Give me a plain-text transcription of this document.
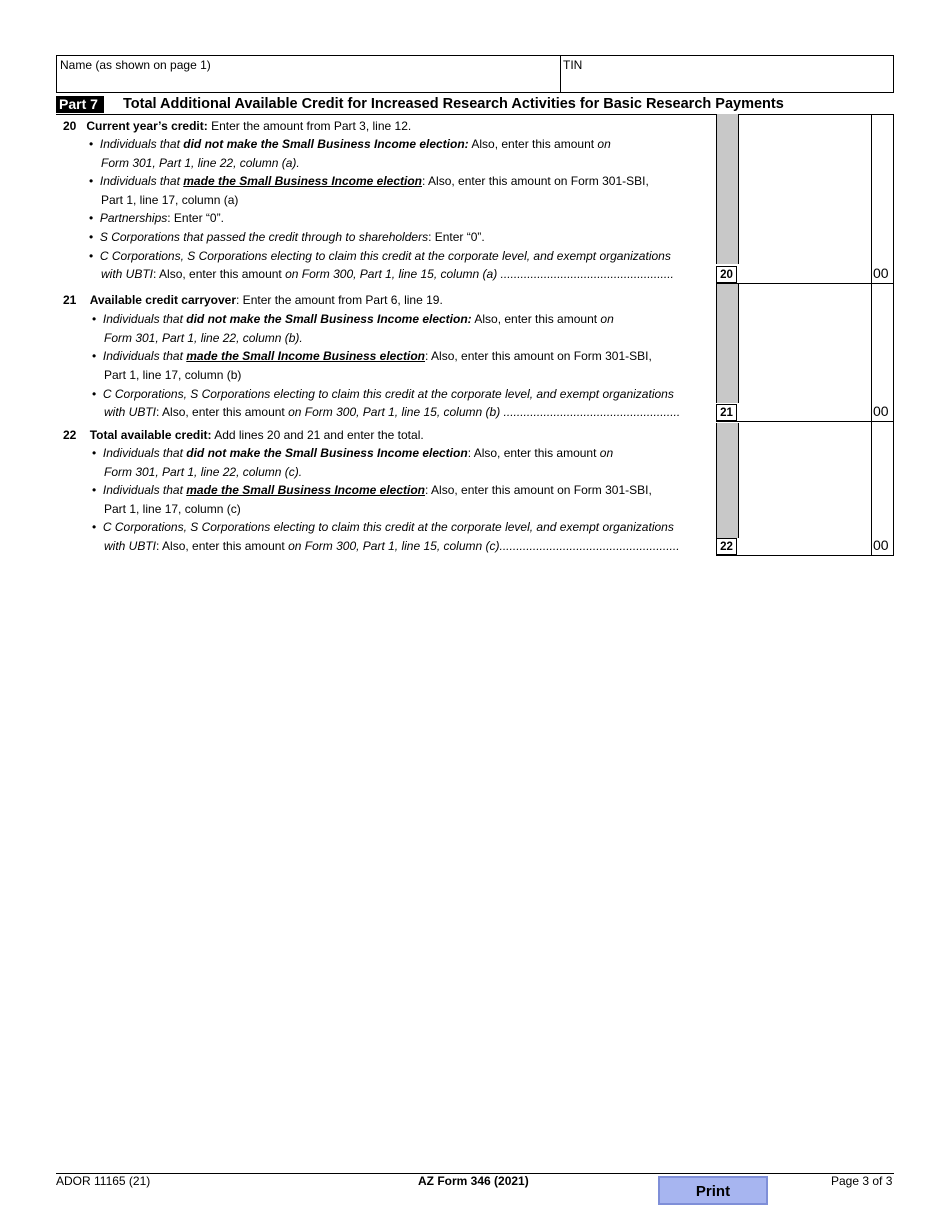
Name (as shown on page 1)	TIN
Part 7	Total Additional Available Credit for Increased Research Activities for Basic Research Payments
20 Current year’s credit: Enter the amount from Part 3, line 12.
•  Individuals that did not make the Small Business Income election: Also, enter this amount on
Form 301, Part 1, line 22, column (a).
•  Individuals that made the Small Business Income election: Also, enter this amount on Form 301-SBI,
Part 1, line 17, column (a)
•  Partnerships: Enter “0”.
•  S Corporations that passed the credit through to shareholders: Enter “0”.
•  C Corporations, S Corporations electing to claim this credit at the corporate level, and exempt organizations
with UBTI: Also, enter this amount on Form 300, Part 1, line 15, column (a) ....................................................	20	00
21 Available credit carryover: Enter the amount from Part 6, line 19.
•  Individuals that did not make the Small Business Income election: Also, enter this amount on
Form 301, Part 1, line 22, column (b).
•  Individuals that made the Small Income Business election: Also, enter this amount on Form 301-SBI,
Part 1, line 17, column (b)
•  C Corporations, S Corporations electing to claim this credit at the corporate level, and exempt organizations
with UBTI: Also, enter this amount on Form 300, Part 1, line 15, column (b) .....................................................	21	00
22 Total available credit: Add lines 20 and 21 and enter the total.
•  Individuals that did not make the Small Business Income election: Also, enter this amount on
Form 301, Part 1, line 22, column (c).
•  Individuals that made the Small Business Income election: Also, enter this amount on Form 301-SBI,
Part 1, line 17, column (c)
•  C Corporations, S Corporations electing to claim this credit at the corporate level, and exempt organizations
with UBTI: Also, enter this amount on Form 300, Part 1, line 15, column (c)......................................................	22	00
ADOR 11165 (21)	AZ Form 346 (2021)
Print
Page 3 of 3
